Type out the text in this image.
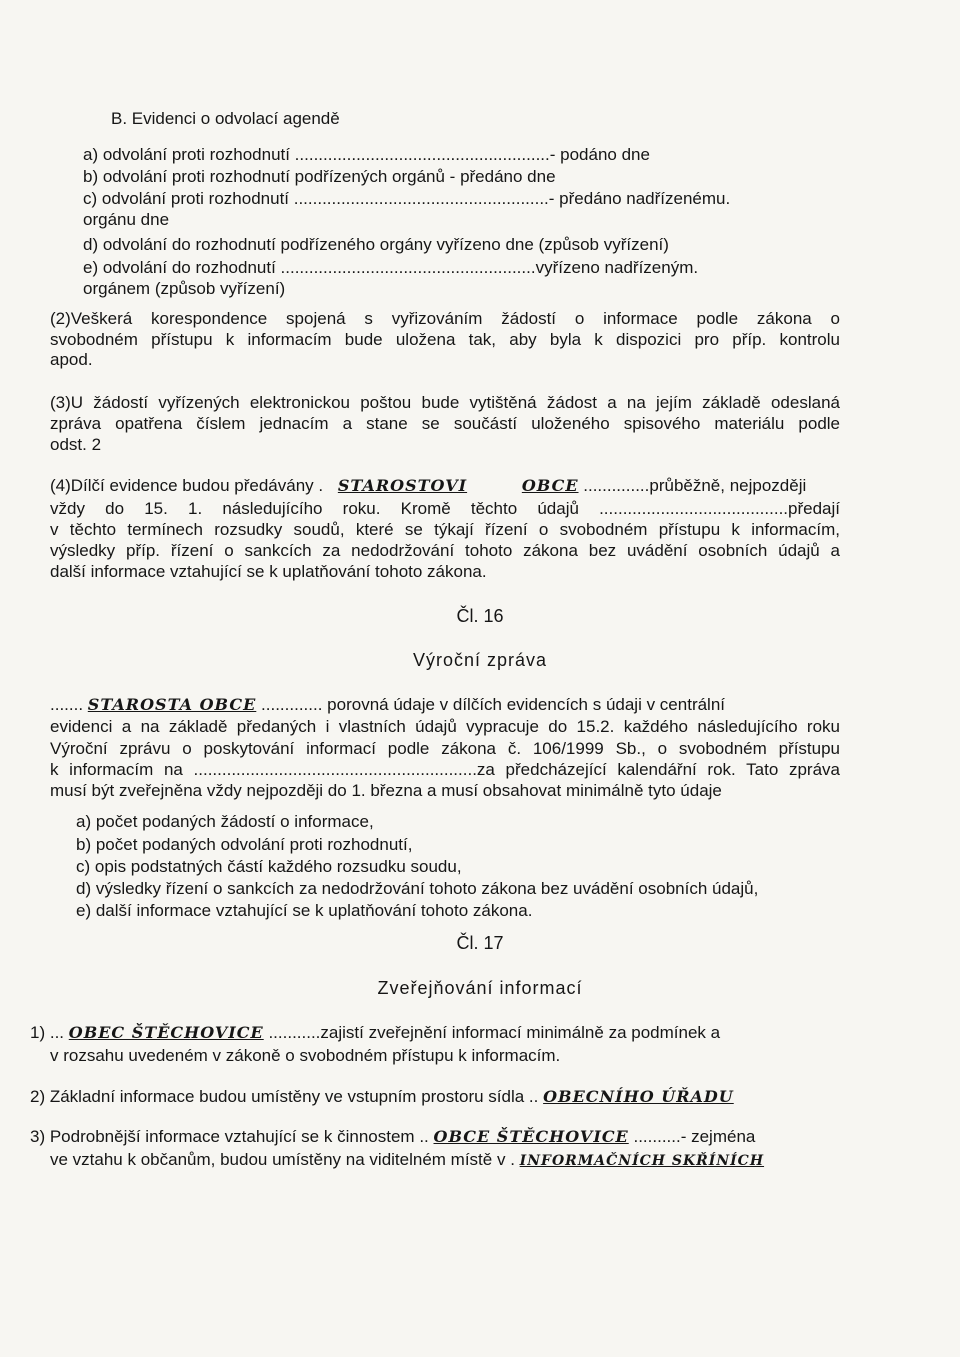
B. Evidenci o odvolací agendě
a) odvolání proti rozhodnutí ......................................................- podáno dne
b) odvolání proti rozhodnutí podřízených orgánů - předáno dne
c) odvolání proti rozhodnutí ......................................................- předáno nadřízenému.
orgánu dne
d) odvolání do rozhodnutí podřízeného orgány vyřízeno dne (způsob vyřízení)
e) odvolání do rozhodnutí ......................................................vyřízeno nadřízeným.
orgánem (způsob vyřízení)
(2)Veškerá korespondence spojená s vyřizováním žádostí o informace podle zákona o
svobodném přístupu k informacím bude uložena tak, aby byla k dispozici pro příp. kontrolu
apod.
(3)U žádostí vyřízených elektronickou poštou bude vytištěná žádost a na jejím základě odeslaná
zpráva opatřena číslem jednacím a stane se součástí uloženého spisového materiálu podle
odst. 2
(4)Dílčí evidence budou předávány . STAROSTOVI	OBCE ..............průběžně, nejpozději
vždy do 15. 1. následujícího roku. Kromě těchto údajů ........................................předají
v těchto termínech rozsudky soudů, které se týkají řízení o svobodném přístupu k informacím,
výsledky příp. řízení o sankcích za nedodržování tohoto zákona bez uvádění osobních údajů a
další informace vztahující se k uplatňování tohoto zákona.
Čl. 16
Výroční zpráva
....... STAROSTA OBCE ............. porovná údaje v dílčích evidencích s údaji v centrální
evidenci a na základě předaných i vlastních údajů vypracuje do 15.2. každého následujícího roku
Výroční zprávu o poskytování informací podle zákona č. 106/1999 Sb., o svobodném přístupu
k informacím na ............................................................za předcházející kalendářní rok. Tato zpráva
musí být zveřejněna vždy nejpozději do 1. března a musí obsahovat minimálně tyto údaje
a) počet podaných žádostí o informace,
b) počet podaných odvolání proti rozhodnutí,
c) opis podstatných částí každého rozsudku soudu,
d) výsledky řízení o sankcích za nedodržování tohoto zákona bez uvádění osobních údajů,
e) další informace vztahující se k uplatňování tohoto zákona.
Čl. 17
Zveřejňování informací
1) ... OBEC ŠTĚCHOVICE ...........zajistí zveřejnění informací minimálně za podmínek a
v rozsahu uvedeném v zákoně o svobodném přístupu k informacím.
2) Základní informace budou umístěny ve vstupním prostoru sídla .. OBECNÍHO ÚŘADU
3) Podrobnější informace vztahující se k činnostem .. OBCE ŠTĚCHOVICE ..........- zejména
ve vztahu k občanům, budou umístěny na viditelném místě v . INFORMAČNÍCH SKŘÍNÍCH
